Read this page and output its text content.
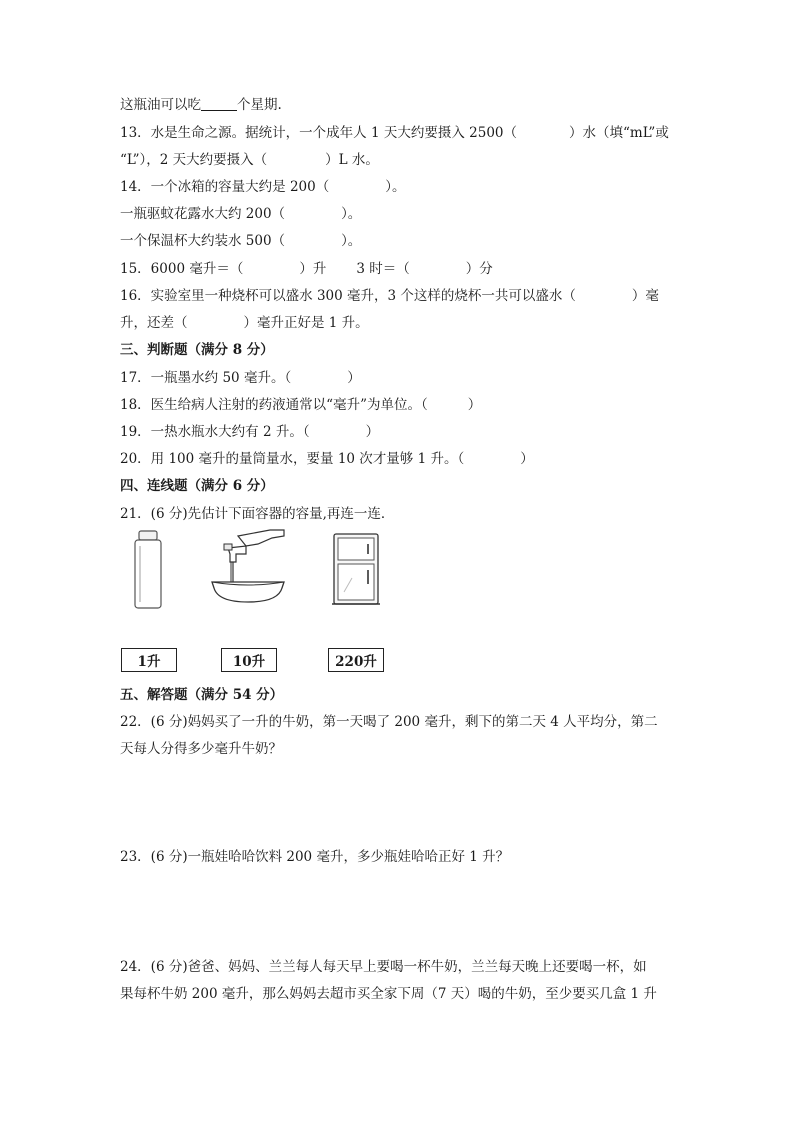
这瓶油可以吃	个星期.
13．水是生命之源。据统计，一个成年人 1 天大约要摄入 2500（	）水（填“mL”或
“L”），2 天大约要摄入（	）L 水。
14．一个冰箱的容量大约是 200（	）。
一瓶驱蚊花露水大约 200（	）。
一个保温杯大约装水 500（	）。
15．6000 毫升＝（	）升 3 时＝（	）分
16．实验室里一种烧杯可以盛水 300 毫升，3 个这样的烧杯一共可以盛水（	）毫
升，还差（	）毫升正好是 1 升。
三、判断题（满分 8 分）
17．一瓶墨水约 50 毫升。（	）
18．医生给病人注射的药液通常以“毫升”为单位。（	）
19．一热水瓶水大约有 2 升。（	）
20．用 100 毫升的量筒量水，要量 10 次才量够 1 升。（	）
四、连线题（满分 6 分）
21．(6 分)先估计下面容器的容量,再连一连．
1升	10升	220升
五、解答题（满分 54 分）
22．(6 分)妈妈买了一升的牛奶，第一天喝了 200 毫升，剩下的第二天 4 人平均分，第二
天每人分得多少毫升牛奶？
23．(6 分)一瓶娃哈哈饮料 200 毫升，多少瓶娃哈哈正好 1 升？
24．(6 分)爸爸、妈妈、兰兰每人每天早上要喝一杯牛奶，兰兰每天晚上还要喝一杯，如
果每杯牛奶 200 毫升，那么妈妈去超市买全家下周（7 天）喝的牛奶，至少要买几盒 1 升
